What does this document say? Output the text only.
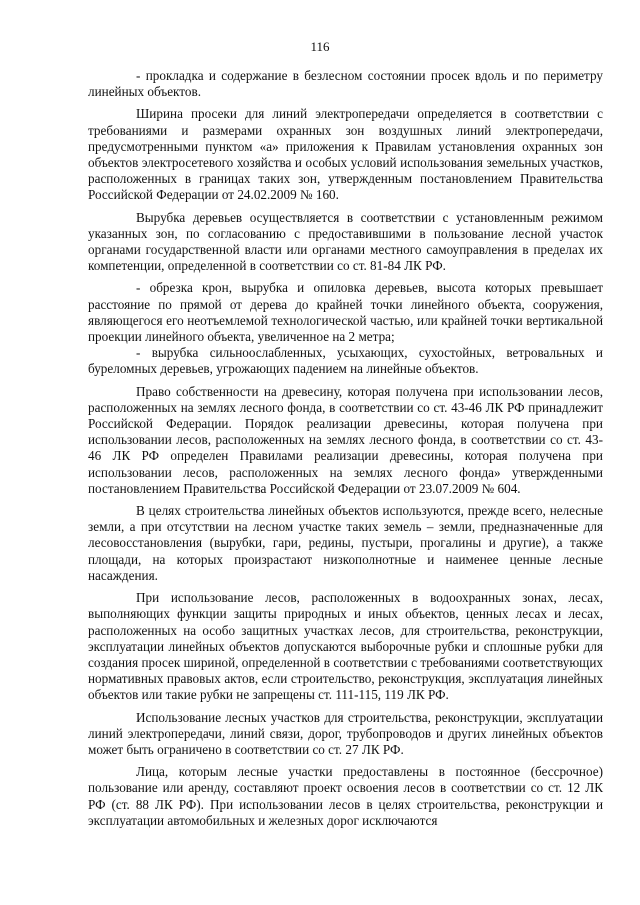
116

- прокладка и содержание в безлесном состоянии просек вдоль и по периметру линейных объектов.

Ширина просеки для линий электропередачи определяется в соответствии с требованиями и размерами охранных зон воздушных линий электропередачи, предусмотренными пунктом «а» приложения к Правилам установления охранных зон объектов электросетевого хозяйства и особых условий использования земельных участков, расположенных в границах таких зон, утвержденным постановлением Правительства Российской Федерации от 24.02.2009 № 160.

Вырубка деревьев осуществляется в соответствии с установленным режимом указанных зон, по согласованию с предоставившими в пользование лесной участок органами государственной власти или органами местного самоуправления в пределах их компетенции, определенной в соответствии со ст. 81-84 ЛК РФ.

- обрезка крон, вырубка и опиловка деревьев, высота которых превышает расстояние по прямой от дерева до крайней точки линейного объекта, сооружения, являющегося его неотъемлемой технологической частью, или крайней точки вертикальной проекции линейного объекта, увеличенное на 2 метра;

- вырубка сильноослабленных, усыхающих, сухостойных, ветровальных и буреломных деревьев, угрожающих падением на линейные объектов.

Право собственности на древесину, которая получена при использовании лесов, расположенных на землях лесного фонда, в соответствии со ст. 43-46 ЛК РФ принадлежит Российской Федерации. Порядок реализации древесины, которая получена при использовании лесов, расположенных на землях лесного фонда, в соответствии со ст. 43-46 ЛК РФ определен Правилами реализации древесины, которая получена при использовании лесов, расположенных на землях лесного фонда» утвержденными постановлением Правительства Российской Федерации от 23.07.2009 № 604.

В целях строительства линейных объектов используются, прежде всего, нелесные земли, а при отсутствии на лесном участке таких земель – земли, предназначенные для лесовосстановления (вырубки, гари, редины, пустыри, прогалины и другие), а также площади, на которых произрастают низкополнотные и наименее ценные лесные насаждения.

При использование лесов, расположенных в водоохранных зонах, лесах, выполняющих функции защиты природных и иных объектов, ценных лесах и лесах, расположенных на особо защитных участках лесов, для строительства, реконструкции, эксплуатации линейных объектов допускаются выборочные рубки и сплошные рубки для создания просек шириной, определенной в соответствии с требованиями соответствующих нормативных правовых актов, если строительство, реконструкция, эксплуатация линейных объектов или такие рубки не запрещены ст. 111-115, 119 ЛК РФ.

Использование лесных участков для строительства, реконструкции, эксплуатации линий электропередачи, линий связи, дорог, трубопроводов и других линейных объектов может быть ограничено в соответствии со ст. 27 ЛК РФ.

Лица, которым лесные участки предоставлены в постоянное (бессрочное) пользование или аренду, составляют проект освоения лесов в соответствии со ст. 12 ЛК РФ (ст. 88 ЛК РФ). При использовании лесов в целях строительства, реконструкции и эксплуатации автомобильных и железных дорог исключаются
